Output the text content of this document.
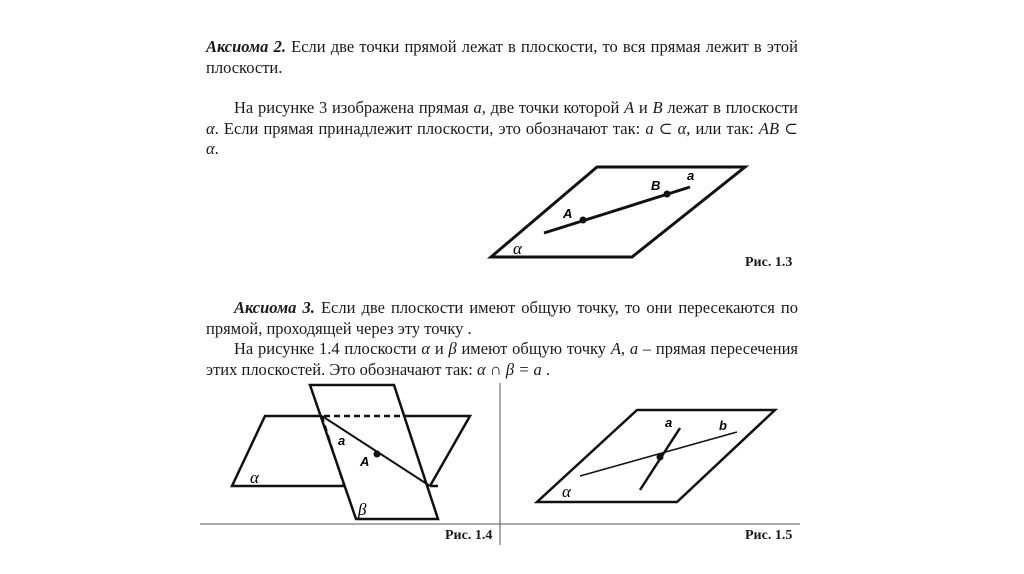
Аксиома 2. Если две точки прямой лежат в плоскости, то вся прямая лежит в этой плоскости.

На рисунке 3 изображена прямая a, две точки которой A и B лежат в плоскости α. Если прямая принадлежит плоскости, это обозначают так: a ⊂ α, или так: AB ⊂ α.

α
A
B
a
Рис. 1.3

Аксиома 3. Если две плоскости имеют общую точку, то они пересекаются по прямой, проходящей через эту точку .

На рисунке 1.4 плоскости α и β имеют общую точку A, a – прямая пересечения этих плоскостей. Это обозначают так: α ∩ β = a .

α
β
a
A
α
a	b
Рис. 1.4	Рис. 1.5
